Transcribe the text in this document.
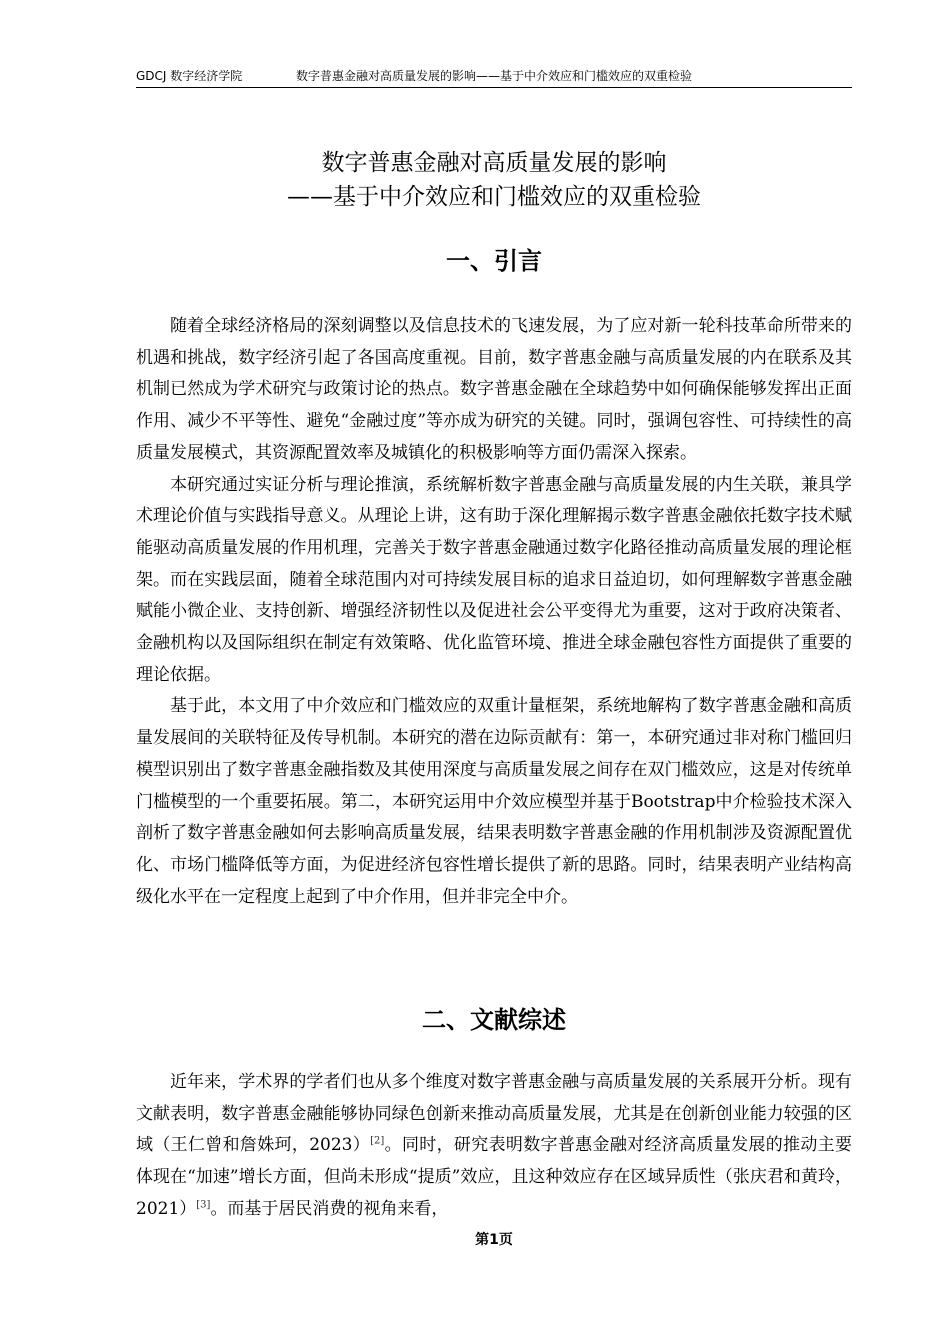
GDCJ 数字经济学院	数字普惠金融对高质量发展的影响——基于中介效应和门槛效应的双重检验
数字普惠金融对高质量发展的影响
——基于中介效应和门槛效应的双重检验
一、引言

随着全球经济格局的深刻调整以及信息技术的飞速发展，为了应对新一轮科技革命所带来的机遇和挑战，数字经济引起了各国高度重视。目前，数字普惠金融与高质量发展的内在联系及其机制已然成为学术研究与政策讨论的热点。数字普惠金融在全球趋势中如何确保能够发挥出正面作用、减少不平等性、避免“金融过度”等亦成为研究的关键。同时，强调包容性、可持续性的高质量发展模式，其资源配置效率及城镇化的积极影响等方面仍需深入探索。

本研究通过实证分析与理论推演，系统解析数字普惠金融与高质量发展的内生关联，兼具学术理论价值与实践指导意义。从理论上讲，这有助于深化理解揭示数字普惠金融依托数字技术赋能驱动高质量发展的作用机理，完善关于数字普惠金融通过数字化路径推动高质量发展的理论框架。而在实践层面，随着全球范围内对可持续发展目标的追求日益迫切，如何理解数字普惠金融赋能小微企业、支持创新、增强经济韧性以及促进社会公平变得尤为重要，这对于政府决策者、金融机构以及国际组织在制定有效策略、优化监管环境、推进全球金融包容性方面提供了重要的理论依据。

基于此，本文用了中介效应和门槛效应的双重计量框架，系统地解构了数字普惠金融和高质量发展间的关联特征及传导机制。本研究的潜在边际贡献有：第一，本研究通过非对称门槛回归模型识别出了数字普惠金融指数及其使用深度与高质量发展之间存在双门槛效应，这是对传统单门槛模型的一个重要拓展。第二，本研究运用中介效应模型并基于Bootstrap中介检验技术深入剖析了数字普惠金融如何去影响高质量发展，结果表明数字普惠金融的作用机制涉及资源配置优化、市场门槛降低等方面，为促进经济包容性增长提供了新的思路。同时，结果表明产业结构高级化水平在一定程度上起到了中介作用，但并非完全中介。

二、文献综述

近年来，学术界的学者们也从多个维度对数字普惠金融与高质量发展的关系展开分析。现有文献表明，数字普惠金融能够协同绿色创新来推动高质量发展，尤其是在创新创业能力较强的区域（王仁曾和詹姝珂，2023）[2]。同时，研究表明数字普惠金融对经济高质量发展的推动主要体现在“加速”增长方面，但尚未形成“提质”效应，且这种效应存在区域异质性（张庆君和黄玲，2021）[3]。而基于居民消费的视角来看，

第1页
